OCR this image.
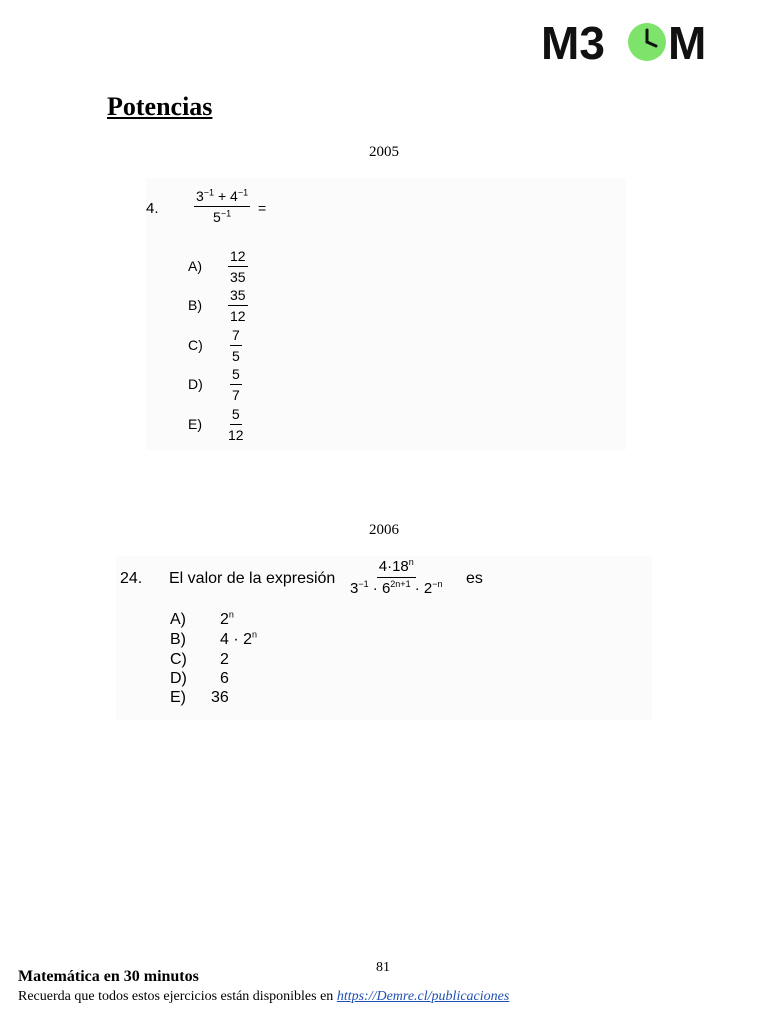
M3 M
Potencias
2005
4.	$\frac{3^{-1} + 4^{-1}}{5^{-1}}$ =
$A) \frac{12}{35}$
$B) \frac{35}{12}$
$C) \frac{7}{5}$
$D) \frac{5}{7}$
$E) \frac{5}{12}$
2006
24. El valor de la expresión $\frac{4\cdot 18^n}{3^{-1} \cdot 6^{2n+1} \cdot 2^{-n}}$ es
A) 2$^n$
B) $4 \cdot 2^n$
C) 2
D) 6
E) 36
81
Matemática en 30 minutos
Recuerda que todos estos ejercicios están disponibles en https://Demre.cl/publicaciones
